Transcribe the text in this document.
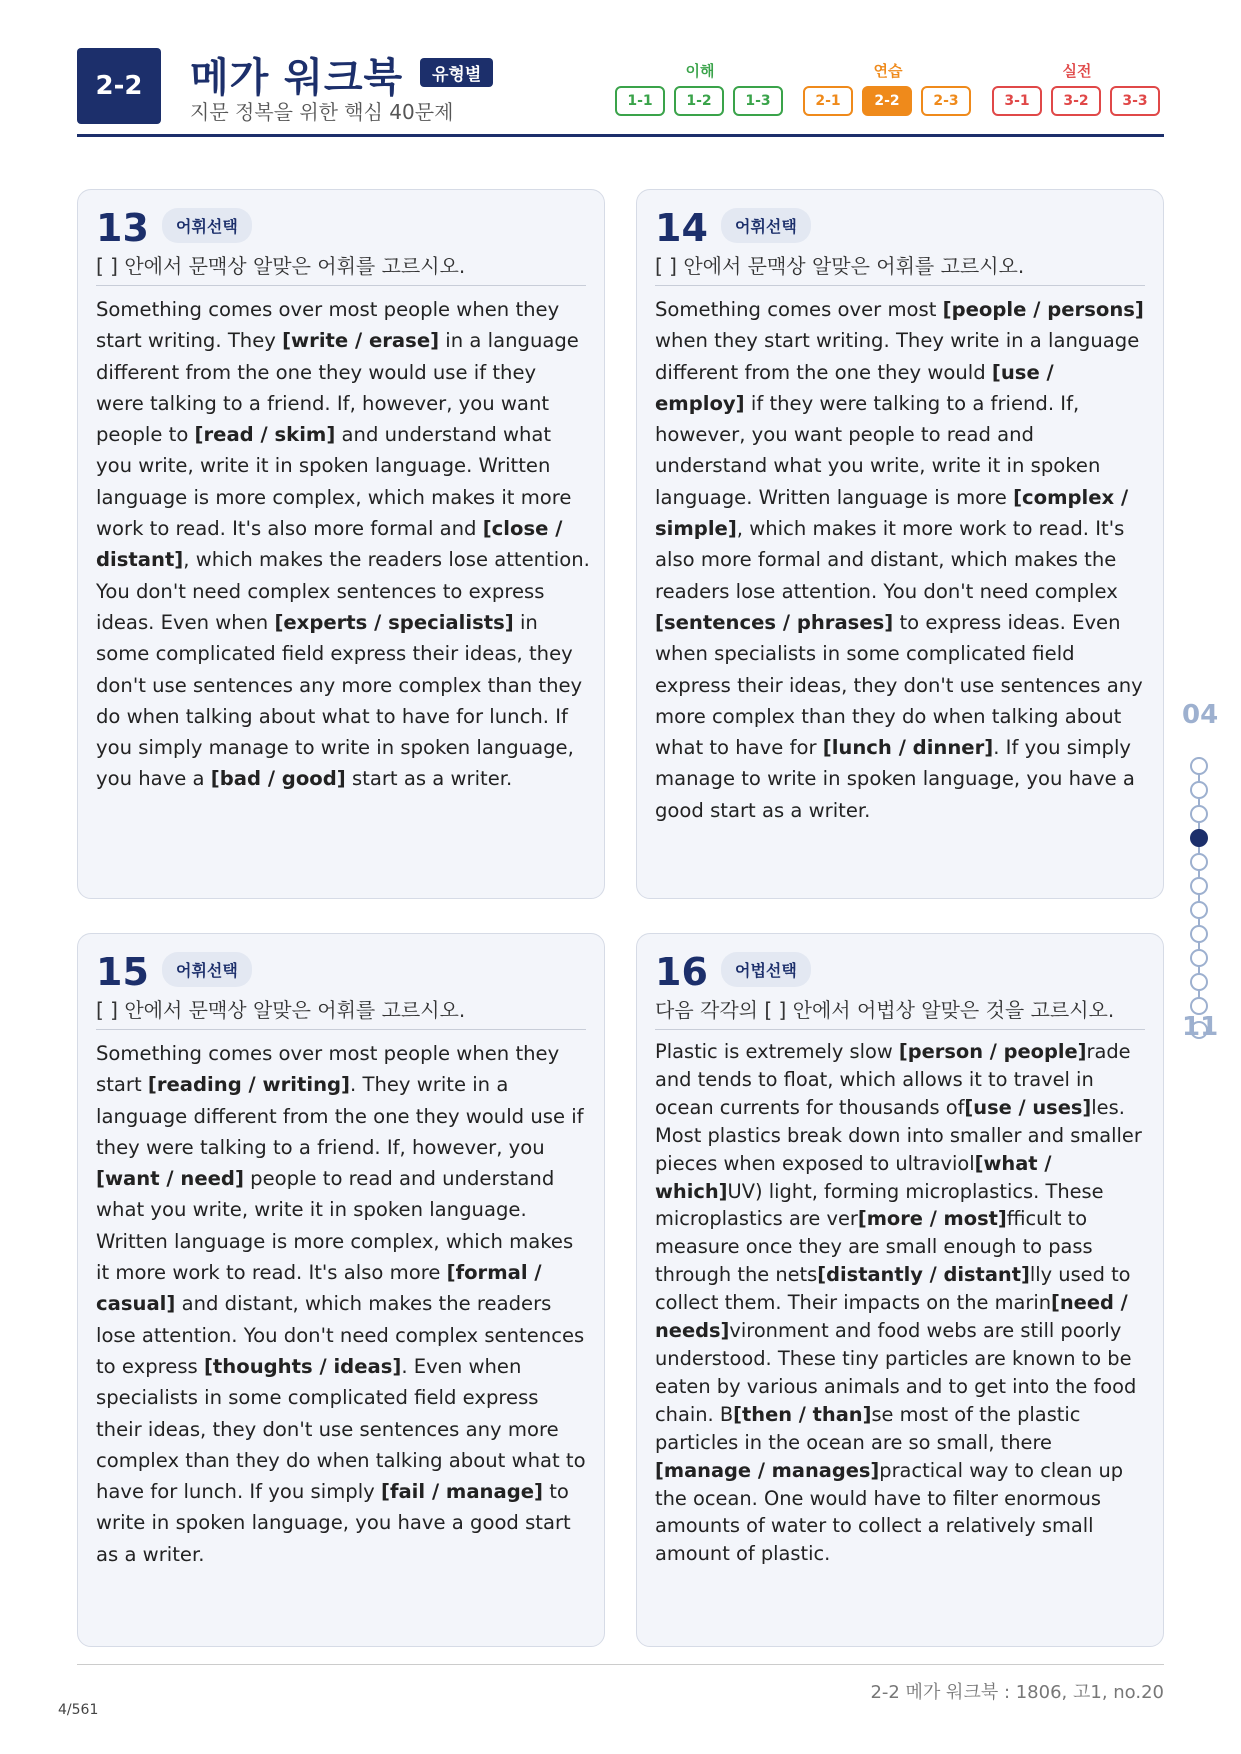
2-2	메가 워크북	유형별
지문 정복을 위한 핵심 40문제
이해
1-1	1-2	1-3
연습
2-1	2-2	2-3
실전
3-1	3-2	3-3
13	어휘선택
[ ] 안에서 문맥상 알맞은 어휘를 고르시오.
Something comes over most people when they start writing. They [write / erase] in a language different from the one they would use if they were talking to a friend. If, however, you want people to [read / skim] and understand what you write, write it in spoken language. Written language is more complex, which makes it more work to read. It's also more formal and [close / distant], which makes the readers lose attention. You don't need complex sentences to express ideas. Even when [experts / specialists] in some complicated field express their ideas, they don't use sentences any more complex than they do when talking about what to have for lunch. If you simply manage to write in spoken language, you have a [bad / good] start as a writer.
14	어휘선택
[ ] 안에서 문맥상 알맞은 어휘를 고르시오.
Something comes over most [people / persons] when they start writing. They write in a language different from the one they would [use / employ] if they were talking to a friend. If, however, you want people to read and understand what you write, write it in spoken language. Written language is more [complex / simple], which makes it more work to read. It's also more formal and distant, which makes the readers lose attention. You don't need complex [sentences / phrases] to express ideas. Even when specialists in some complicated field express their ideas, they don't use sentences any more complex than they do when talking about what to have for [lunch / dinner]. If you simply manage to write in spoken language, you have a good start as a writer.
15	어휘선택
[ ] 안에서 문맥상 알맞은 어휘를 고르시오.
Something comes over most people when they start [reading / writing]. They write in a language different from the one they would use if they were talking to a friend. If, however, you [want / need] people to read and understand what you write, write it in spoken language. Written language is more complex, which makes it more work to read. It's also more [formal / casual] and distant, which makes the readers lose attention. You don't need complex sentences to express [thoughts / ideas]. Even when specialists in some complicated field express their ideas, they don't use sentences any more complex than they do when talking about what to have for lunch. If you simply [fail / manage] to write in spoken language, you have a good start as a writer.
16	어법선택
다음 각각의 [ ] 안에서 어법상 알맞은 것을 고르시오.
Plastic is extremely slow [person / people]rade and tends to float, which allows it to travel in ocean currents for thousands of[use / uses]les. Most plastics break down into smaller and smaller pieces when exposed to ultraviol[what / which]UV) light, forming microplastics. These microplastics are ver[more / most]fficult to measure once they are small enough to pass through the nets[distantly / distant]lly used to collect them. Their impacts on the marin[need / needs]vironment and food webs are still poorly understood. These tiny particles are known to be eaten by various animals and to get into the food chain. B[then / than]se most of the plastic particles in the ocean are so small, there [manage / manages]practical way to clean up the ocean. One would have to filter enormous amounts of water to collect a relatively small amount of plastic.
04
11
2-2 메가 워크북 : 1806, 고1, no.20
4/561
